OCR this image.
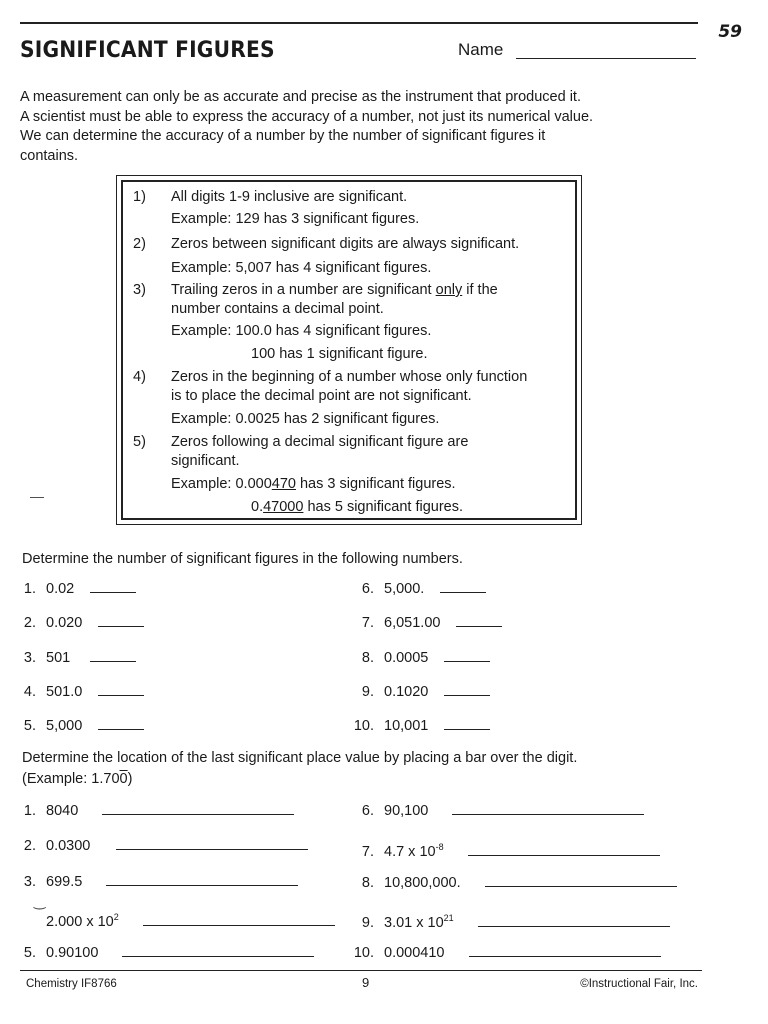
59
SIGNIFICANT FIGURES	Name

A measurement can only be as accurate and precise as the instrument that produced it.

A scientist must be able to express the accuracy of a number, not just its numerical value.

We can determine the accuracy of a number by the number of significant figures it

contains.

1)	All digits 1-9 inclusive are significant.
Example: 129 has 3 significant figures.
2)	Zeros between significant digits are always significant.
Example: 5,007 has 4 significant figures.
3)	Trailing zeros in a number are significant only if the
number contains a decimal point.
Example: 100.0 has 4 significant figures.
100 has 1 significant figure.
4)	Zeros in the beginning of a number whose only function
is to place the decimal point are not significant.
Example: 0.0025 has 2 significant figures.
5)	Zeros following a decimal significant figure are
significant.
Example: 0.000470 has 3 significant figures.
0.47000 has 5 significant figures.
Determine the number of significant figures in the following numbers.
1. 0.02
2. 0.020
3. 501
4. 501.0
5. 5,000
6. 5,000.
7. 6,051.00
8. 0.0005
9. 0.1020
10. 10,001
Determine the location of the last significant place value by placing a bar over the digit.
(Example: 1.700)
1. 8040
2. 0.0300
3. 699.5
2.000 x $10^2$
5. 0.90100
6. 90,100
7. 4.7 x $10^{-8}$
8. 10,800,000.
9. 3.01 x $10^{21}$
10. 0.000410
—
‿
Chemistry IF8766	9	©Instructional Fair, Inc.
